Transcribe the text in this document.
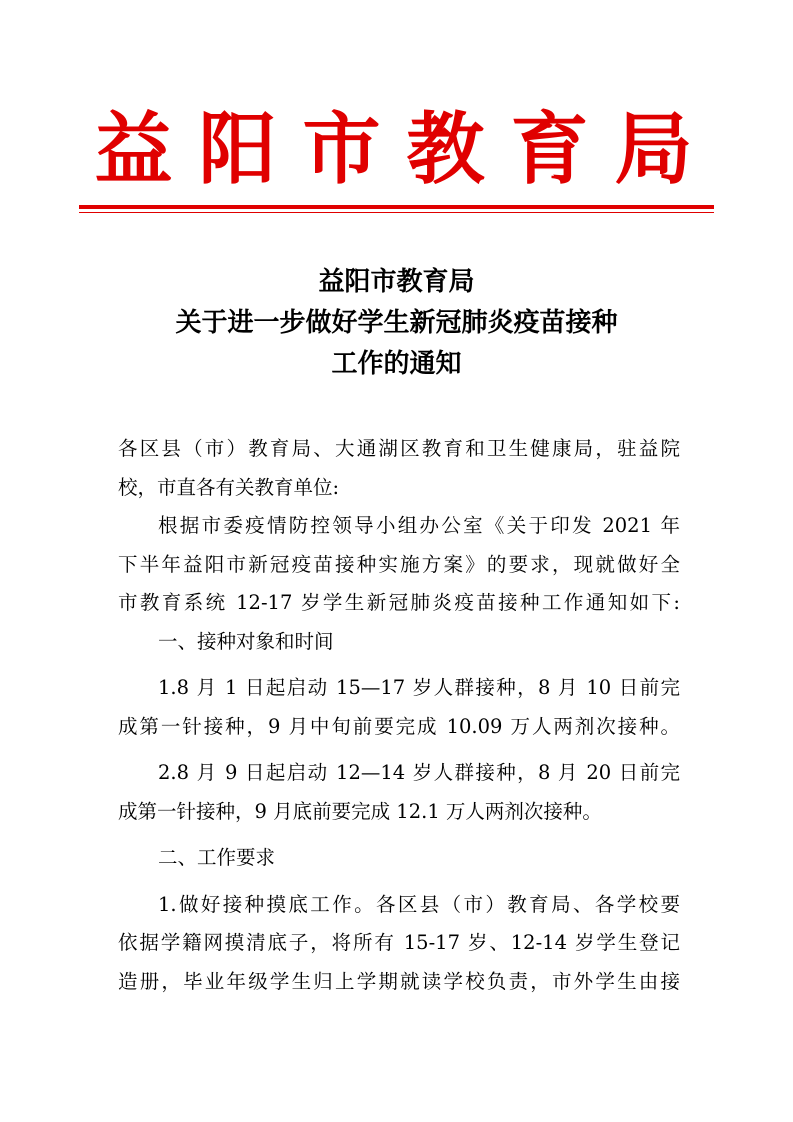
益阳市教育局
益阳市教育局
关于进一步做好学生新冠肺炎疫苗接种
工作的通知
各区县（市）教育局、大通湖区教育和卫生健康局，驻益院
校，市直各有关教育单位:
根据市委疫情防控领导小组办公室《关于印发 2021 年
下半年益阳市新冠疫苗接种实施方案》的要求，现就做好全
市教育系统 12-17 岁学生新冠肺炎疫苗接种工作通知如下:
一、接种对象和时间
1.8 月 1 日起启动 15—17 岁人群接种，8 月 10 日前完
成第一针接种，9 月中旬前要完成 10.09 万人两剂次接种。
2.8 月 9 日起启动 12—14 岁人群接种，8 月 20 日前完
成第一针接种，9 月底前要完成 12.1 万人两剂次接种。
二、工作要求
1.做好接种摸底工作。各区县（市）教育局、各学校要
依据学籍网摸清底子，将所有 15-17 岁、12-14 岁学生登记
造册，毕业年级学生归上学期就读学校负责，市外学生由接
